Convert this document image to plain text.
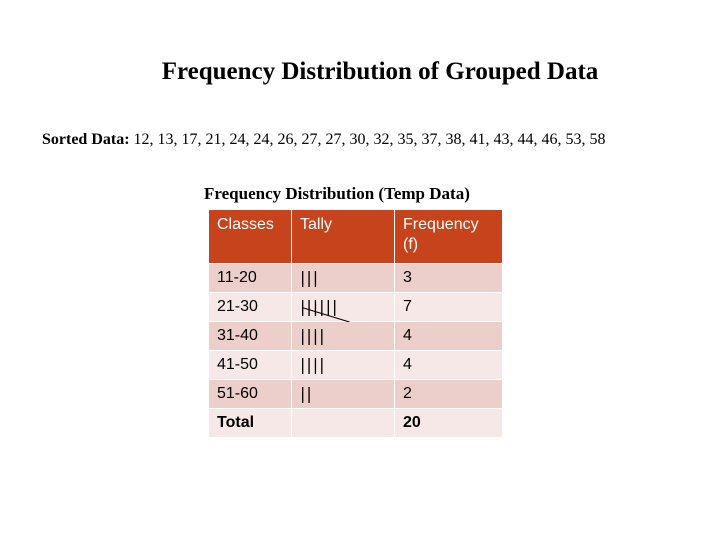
Frequency Distribution of Grouped Data
Sorted Data: 12, 13, 17, 21, 24, 24, 26, 27, 27, 30, 32, 35, 37, 38, 41, 43, 44, 46, 53, 58
Frequency Distribution (Temp Data)
Classes	Tally	Frequency (f)
11-20	|||	3
21-30	||||||	7
31-40	||||	4
41-50	||||	4
51-60	||	2
Total		20
